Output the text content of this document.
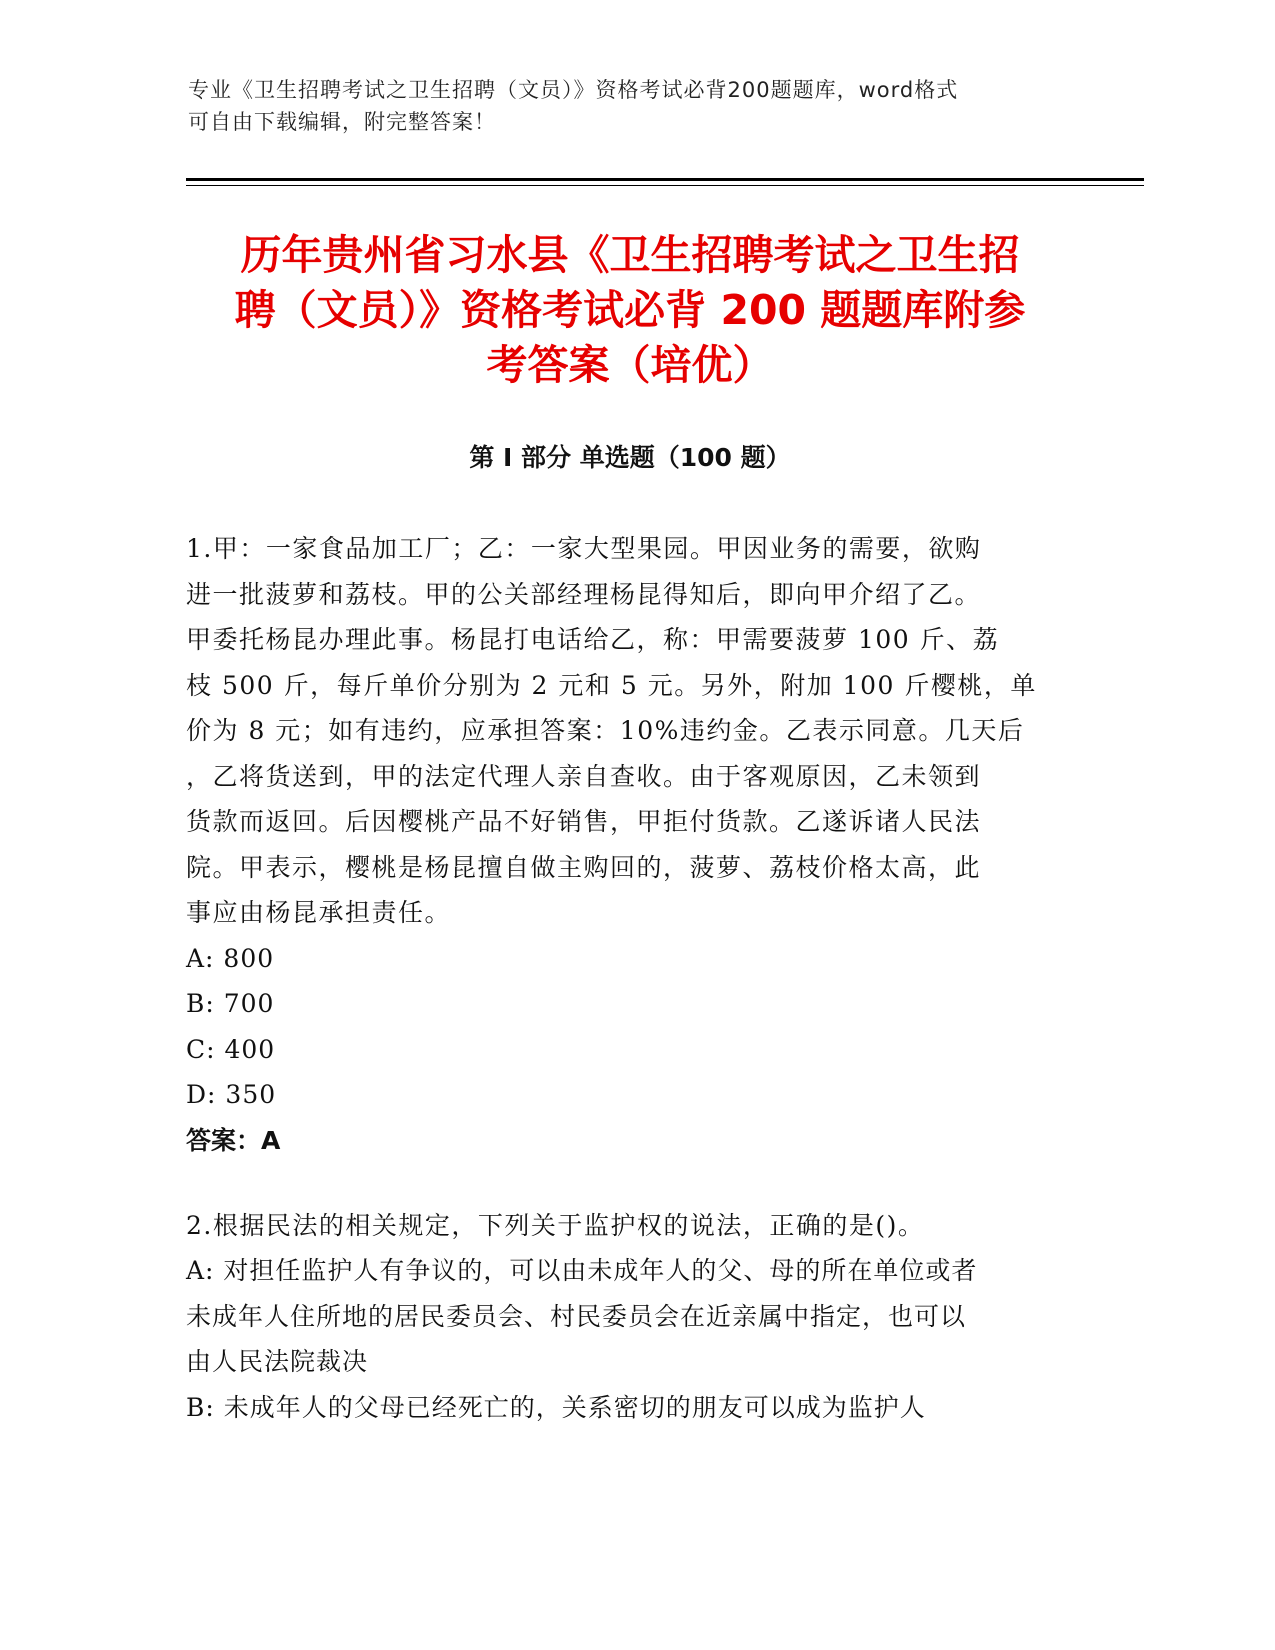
专业《卫生招聘考试之卫生招聘（文员）》资格考试必背200题题库，word格式
可自由下载编辑，附完整答案！
历年贵州省习水县《卫生招聘考试之卫生招
聘（文员）》资格考试必背 200 题题库附参
考答案（培优）
第 I 部分 单选题（100 题）

1.甲：一家食品加工厂；乙：一家大型果园。甲因业务的需要，欲购

进一批菠萝和荔枝。甲的公关部经理杨昆得知后，即向甲介绍了乙。

甲委托杨昆办理此事。杨昆打电话给乙，称：甲需要菠萝 100 斤、荔

枝 500 斤，每斤单价分别为 2 元和 5 元。另外，附加 100 斤樱桃，单

价为 8 元；如有违约，应承担答案：10%违约金。乙表示同意。几天后

，乙将货送到，甲的法定代理人亲自查收。由于客观原因，乙未领到

货款而返回。后因樱桃产品不好销售，甲拒付货款。乙遂诉诸人民法

院。甲表示，樱桃是杨昆擅自做主购回的，菠萝、荔枝价格太高，此

事应由杨昆承担责任。

A: 800

B: 700

C: 400

D: 350

答案：A

2.根据民法的相关规定，下列关于监护权的说法，正确的是()。

A: 对担任监护人有争议的，可以由未成年人的父、母的所在单位或者

未成年人住所地的居民委员会、村民委员会在近亲属中指定，也可以

由人民法院裁决

B: 未成年人的父母已经死亡的，关系密切的朋友可以成为监护人
